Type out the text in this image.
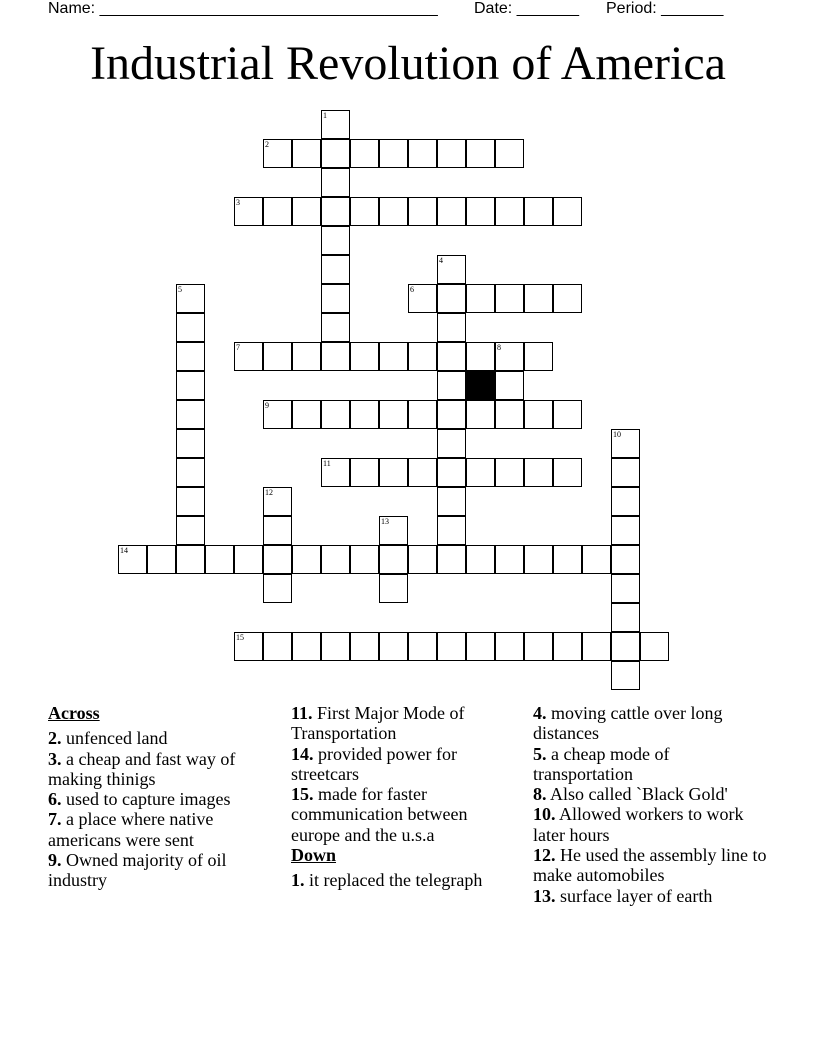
Name: ______________________________________

Date: _______

Period: _______

Industrial Revolution of America
1
2
3
4
5	6
7	8
9
10
11
12
13
14
15
Across
2. unfenced land
3. a cheap and fast way of making thinigs
6. used to capture images
7. a place where native americans were sent
9. Owned majority of oil industry
11. First Major Mode of Transportation
14. provided power for streetcars
15. made for faster communication between europe and the u.s.a
Down
1. it replaced the telegraph
4. moving cattle over long distances
5. a cheap mode of transportation
8. Also called `Black Gold'
10. Allowed workers to work later hours
12. He used the assembly line to make automobiles
13. surface layer of earth
